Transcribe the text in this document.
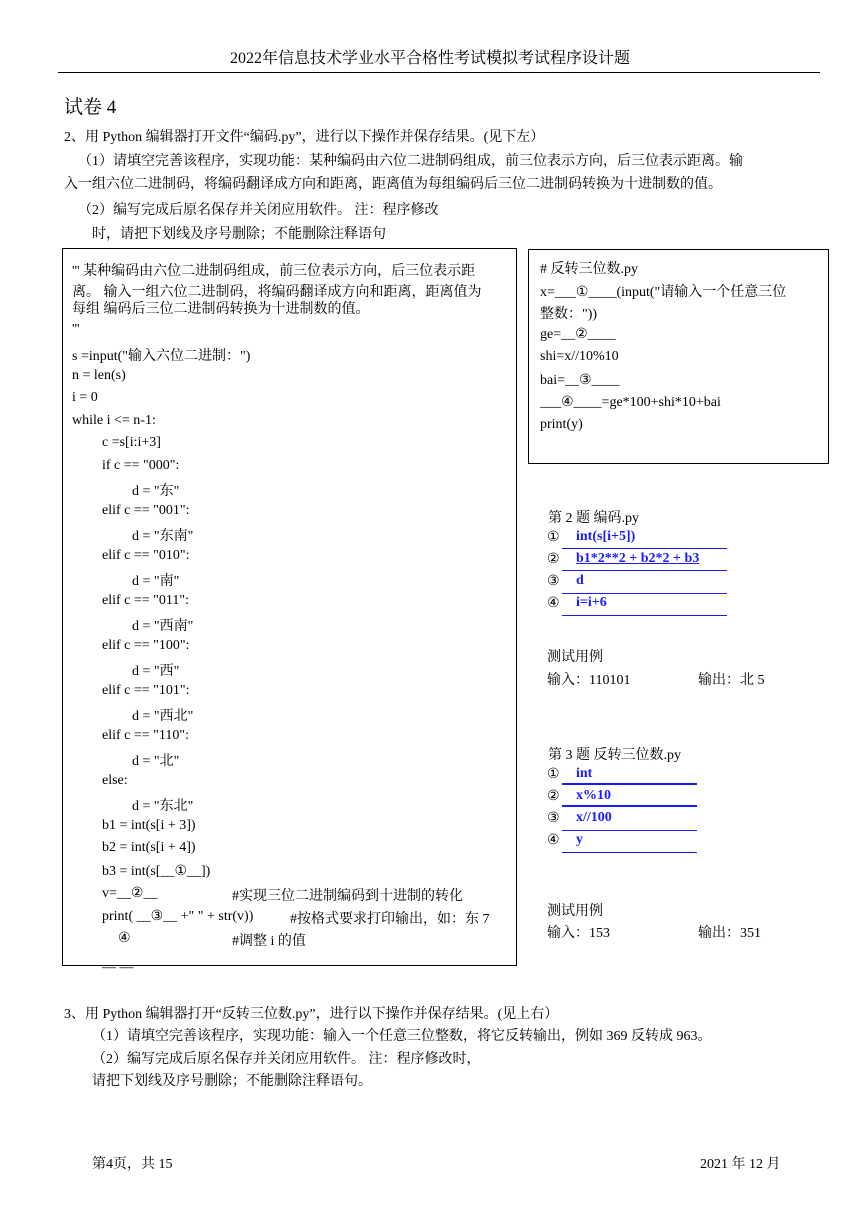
2022年信息技术学业水平合格性考试模拟考试程序设计题
试卷 4
2、用 Python 编辑器打开文件“编码.py”，进行以下操作并保存结果。(见下左）
（1）请填空完善该程序，实现功能：某种编码由六位二进制码组成，前三位表示方向，后三位表示距离。输
入一组六位二进制码，将编码翻译成方向和距离，距离值为每组编码后三位二进制码转换为十进制数的值。
（2）编写完成后原名保存并关闭应用软件。 注：程序修改
时，请把下划线及序号删除；不能删除注释语句
''' 某种编码由六位二进制码组成，前三位表示方向，后三位表示距
离。 输入一组六位二进制码，将编码翻译成方向和距离，距离值为
每组 编码后三位二进制码转换为十进制数的值。
'''
s =input("输入六位二进制：")
n = len(s)
i = 0
while i <= n-1:
c =s[i:i+3]
if c == "000":
d = "东"
elif c == "001":
d = "东南"
elif c == "010":
d = "南"
elif c == "011":
d = "西南"
elif c == "100":
d = "西"
elif c == "101":
d = "西北"
elif c == "110":
d = "北"
else:
d = "东北"
b1 = int(s[i + 3])
b2 = int(s[i + 4])
b3 = int(s[__①__])
v=__②__	#实现三位二进制编码到十进制的转化
print( __③__ +" " + str(v))	#按格式要求打印输出，如：东 7
④	#调整 i 的值
— —
# 反转三位数.py
x=___①____(input("请输入一个任意三位
整数："))
ge=__②____
shi=x//10%10
bai=__③____
___④____=ge*100+shi*10+bai
print(y)
第 2 题 编码.py
① int(s[i+5])
② b1*2**2 + b2*2 + b3
③ d
④ i=i+6
测试用例
输入：110101	输出：北 5
第 3 题 反转三位数.py
① int
② x%10
③ x//100
④ y
测试用例
输入：153	输出：351
3、用 Python 编辑器打开“反转三位数.py”，进行以下操作并保存结果。(见上右）
（1）请填空完善该程序，实现功能：输入一个任意三位整数，将它反转输出，例如 369 反转成 963。
（2）编写完成后原名保存并关闭应用软件。 注：程序修改时，
请把下划线及序号删除；不能删除注释语句。
第4页，共 15	2021 年 12 月
